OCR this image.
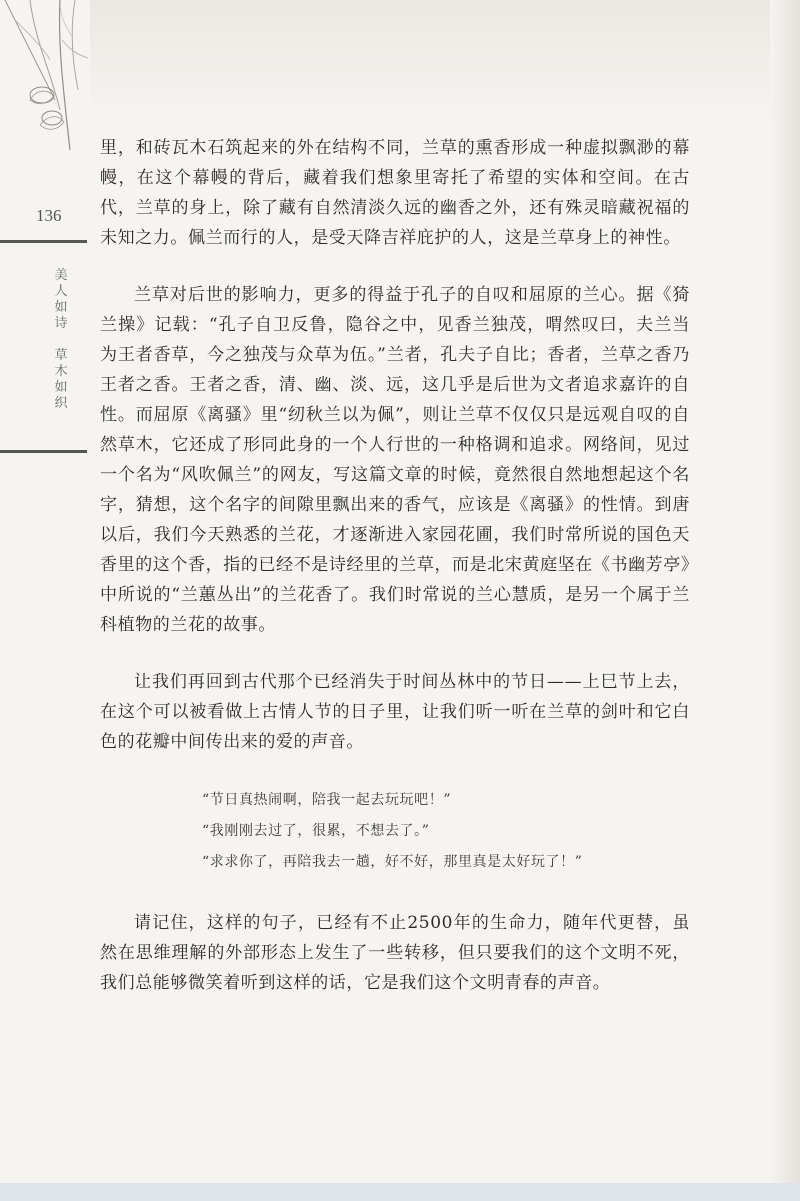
136
美
人
如
诗
草
木
如
织

里，和砖瓦木石筑起来的外在结构不同，兰草的熏香形成一种虚拟飘渺的幕幔，在这个幕幔的背后，藏着我们想象里寄托了希望的实体和空间。在古代，兰草的身上，除了藏有自然清淡久远的幽香之外，还有殊灵暗藏祝福的未知之力。佩兰而行的人，是受天降吉祥庇护的人，这是兰草身上的神性。

兰草对后世的影响力，更多的得益于孔子的自叹和屈原的兰心。据《猗兰操》记载：“孔子自卫反鲁，隐谷之中，见香兰独茂，喟然叹曰，夫兰当为王者香草，今之独茂与众草为伍。”兰者，孔夫子自比；香者，兰草之香乃王者之香。王者之香，清、幽、淡、远，这几乎是后世为文者追求嘉许的自性。而屈原《离骚》里“纫秋兰以为佩”，则让兰草不仅仅只是远观自叹的自然草木，它还成了形同此身的一个人行世的一种格调和追求。网络间，见过一个名为“风吹佩兰”的网友，写这篇文章的时候，竟然很自然地想起这个名字，猜想，这个名字的间隙里飘出来的香气，应该是《离骚》的性情。到唐以后，我们今天熟悉的兰花，才逐渐进入家园花圃，我们时常所说的国色天香里的这个香，指的已经不是诗经里的兰草，而是北宋黄庭坚在《书幽芳亭》中所说的“兰蕙丛出”的兰花香了。我们时常说的兰心慧质，是另一个属于兰科植物的兰花的故事。

让我们再回到古代那个已经消失于时间丛林中的节日——上巳节上去，在这个可以被看做上古情人节的日子里，让我们听一听在兰草的剑叶和它白色的花瓣中间传出来的爱的声音。

“节日真热闹啊，陪我一起去玩玩吧！”
“我刚刚去过了，很累，不想去了。”
“求求你了，再陪我去一趟，好不好，那里真是太好玩了！”

请记住，这样的句子，已经有不止2500年的生命力，随年代更替，虽然在思维理解的外部形态上发生了一些转移，但只要我们的这个文明不死，我们总能够微笑着听到这样的话，它是我们这个文明青春的声音。
